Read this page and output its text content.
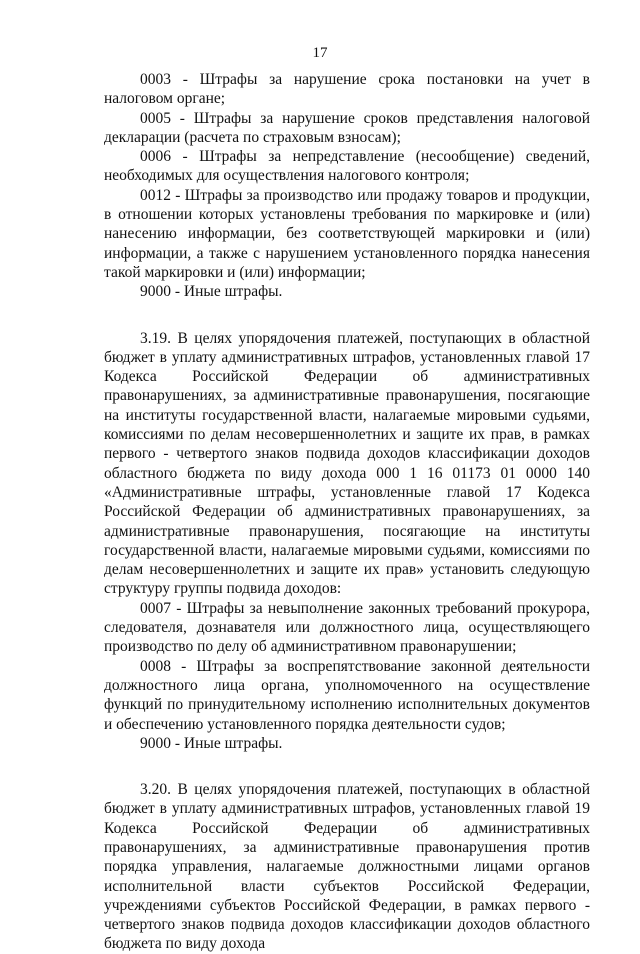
17

0003 - Штрафы за нарушение срока постановки на учет в налоговом органе;

0005 - Штрафы за нарушение сроков представления налоговой декларации (расчета по страховым взносам);

0006 - Штрафы за непредставление (несообщение) сведений, необходимых для осуществления налогового контроля;

0012 - Штрафы за производство или продажу товаров и продукции, в отношении которых установлены требования по маркировке и (или) нанесению информации, без соответствующей маркировки и (или) информации, а также с нарушением установленного порядка нанесения такой маркировки и (или) информации;

9000 - Иные штрафы.

3.19. В целях упорядочения платежей, поступающих в областной бюджет в уплату административных штрафов, установленных главой 17 Кодекса Российской Федерации об административных правонарушениях, за административные правонарушения, посягающие на институты государственной власти, налагаемые мировыми судьями, комиссиями по делам несовершеннолетних и защите их прав, в рамках первого - четвертого знаков подвида доходов классификации доходов областного бюджета по виду дохода 000 1 16 01173 01 0000 140 «Административные штрафы, установленные главой 17 Кодекса Российской Федерации об административных правонарушениях, за административные правонарушения, посягающие на институты государственной власти, налагаемые мировыми судьями, комиссиями по делам несовершеннолетних и защите их прав» установить следующую структуру группы подвида доходов:

0007 - Штрафы за невыполнение законных требований прокурора, следователя, дознавателя или должностного лица, осуществляющего производство по делу об административном правонарушении;

0008 - Штрафы за воспрепятствование законной деятельности должностного лица органа, уполномоченного на осуществление функций по принудительному исполнению исполнительных документов и обеспечению установленного порядка деятельности судов;

9000 - Иные штрафы.

3.20. В целях упорядочения платежей, поступающих в областной бюджет в уплату административных штрафов, установленных главой 19 Кодекса Российской Федерации об административных правонарушениях, за административные правонарушения против порядка управления, налагаемые должностными лицами органов исполнительной власти субъектов Российской Федерации, учреждениями субъектов Российской Федерации, в рамках первого - четвертого знаков подвида доходов классификации доходов областного бюджета по виду дохода
